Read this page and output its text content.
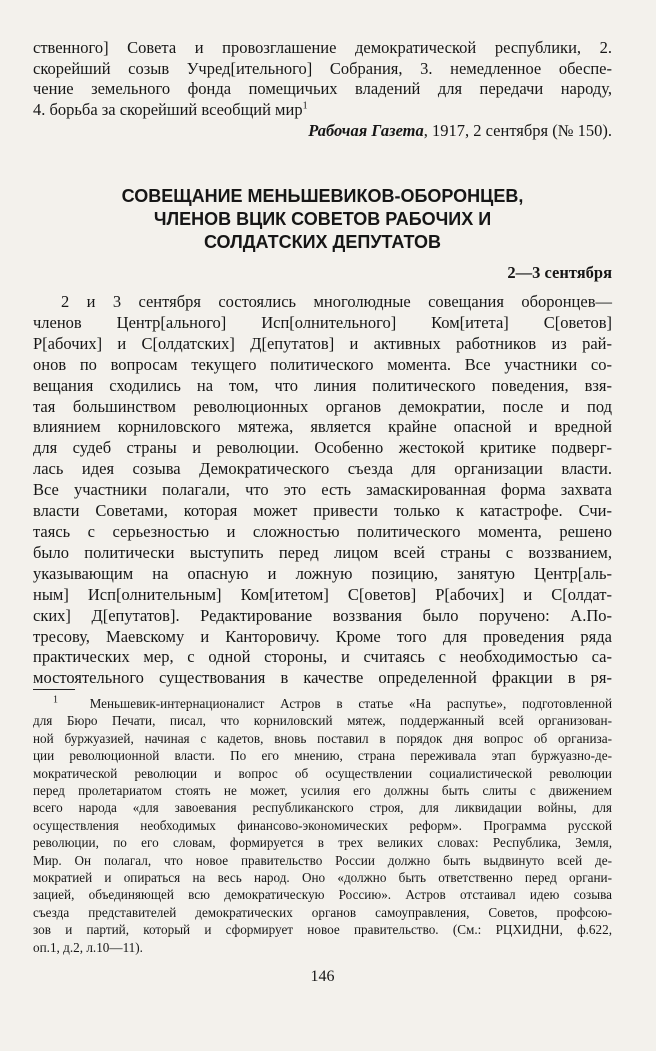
ственного] Совета и провозглашение демократической республики, 2.
скорейший созыв Учред[ительного] Собрания, 3. немедленное обеспе-
чение земельного фонда помещичьих владений для передачи народу,
4. борьба за скорейший всеобщий мир$^1$
Рабочая Газета, 1917, 2 сентября (№ 150).
СОВЕЩАНИЕ МЕНЬШЕВИКОВ-ОБОРОНЦЕВ,
ЧЛЕНОВ ВЦИК СОВЕТОВ РАБОЧИХ И
СОЛДАТСКИХ ДЕПУТАТОВ
2—3 сентября
2 и 3 сентября состоялись многолюдные совещания оборонцев—
членов Центр[ального] Исп[олнительного] Ком[итета] С[оветов]
Р[абочих] и С[олдатских] Д[епутатов] и активных работников из рай-
онов по вопросам текущего политического момента. Все участники со-
вещания сходились на том, что линия политического поведения, взя-
тая большинством революционных органов демократии, после и под
влиянием корниловского мятежа, является крайне опасной и вредной
для судеб страны и революции. Особенно жестокой критике подверг-
лась идея созыва Демократического съезда для организации власти.
Все участники полагали, что это есть замаскированная форма захвата
власти Советами, которая может привести только к катастрофе. Счи-
таясь с серьезностью и сложностью политического момента, решено
было политически выступить перед лицом всей страны с воззванием,
указывающим на опасную и ложную позицию, занятую Центр[аль-
ным] Исп[олнительным] Ком[итетом] С[оветов] Р[абочих] и С[олдат-
ских] Д[епутатов]. Редактирование воззвания было поручено: А.По-
тресову, Маевскому и Канторовичу. Кроме того для проведения ряда
практических мер, с одной стороны, и считаясь с необходимостью са-
мостоятельного существования в качестве определенной фракции в ря-
$^1$ Меньшевик-интернационалист Астров в статье «На распутье», подготовленной
для Бюро Печати, писал, что корниловский мятеж, поддержанный всей организован-
ной буржуазией, начиная с кадетов, вновь поставил в порядок дня вопрос об организа-
ции революционной власти. По его мнению, страна переживала этап буржуазно-де-
мократической революции и вопрос об осуществлении социалистической революции
перед пролетариатом стоять не может, усилия его должны быть слиты с движением
всего народа «для завоевания республиканского строя, для ликвидации войны, для
осуществления необходимых финансово-экономических реформ». Программа русской
революции, по его словам, формируется в трех великих словах: Республика, Земля,
Мир. Он полагал, что новое правительство России должно быть выдвинуто всей де-
мократией и опираться на весь народ. Оно «должно быть ответственно перед органи-
зацией, объединяющей всю демократическую Россию». Астров отстаивал идею созыва
съезда представителей демократических органов самоуправления, Советов, профсою-
зов и партий, который и сформирует новое правительство. (См.: РЦХИДНИ, ф.622,
оп.1, д.2, л.10—11).
146
